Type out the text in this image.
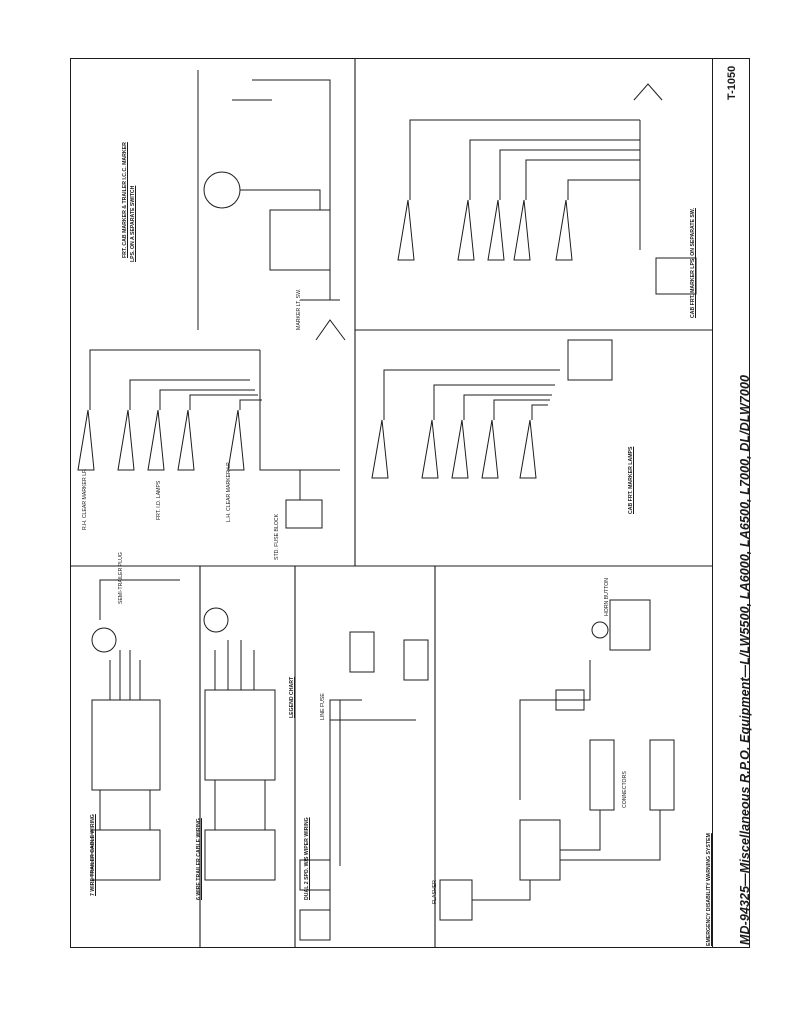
MD-94325—Miscellaneous R.P.O. Equipment—L/LW5500, LA6000, LA6500, L7000, DL/DLW7000
T-1050
7 WIRE TRAILER CABLE WIRING	6 WIRE TRAILER CABLE WIRING
LEGEND CHART
DUAL 2 SPD. W/S WIPER WIRING	EMERGENCY DISABILITY WARNING SYSTEM
CAB FRT. MARKER LAMPS
FRT. CAB MARKER & TRAILER I.C.C. MARKER LPS. ON A SEPARATE SWITCH	CAB FRT. MARKER LPS. ON SEPARATE SW.
CONNECTORS
STD. FUSE BLOCK
LINE FUSE
MARKER LT. SW.
R.H. CLEAR MARKER LP.	L.H. CLEAR MARKER LP.
FRT. I.D. LAMPS
HORN BUTTON
FLASHER
SEMI-TRAILER PLUG
